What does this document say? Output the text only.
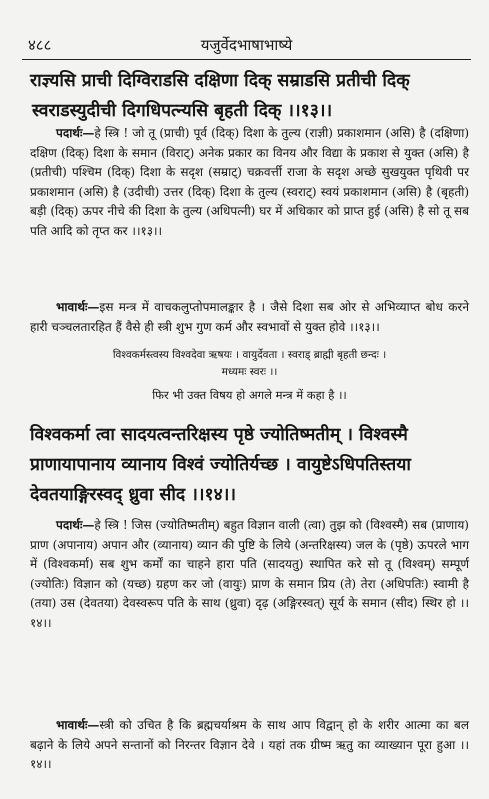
४८८	यजुर्वेदभाषाभाष्ये
राज्ञ्यसि प्राची दिग्विराडसि दक्षिणा दिक् सम्राडसि प्रतीची दिक्
स्वराडस्युदीची दिगधिपत्न्यसि बृहती दिक् ।।१३।।
पदार्थः—हे स्त्रि ! जो तू (प्राची) पूर्व (दिक्) दिशा के तुल्य (राज्ञी) प्रकाशमान (असि) है (दक्षिणा) दक्षिण (दिक्) दिशा के समान (विराट्) अनेक प्रकार का विनय और विद्या के प्रकाश से युक्त (असि) है (प्रतीची) पश्चिम (दिक्) दिशा के सदृश (सम्राट्) चक्रवर्त्ती राजा के सदृश अच्छे सुखयुक्त पृथिवी पर प्रकाशमान (असि) है (उदीची) उत्तर (दिक्) दिशा के तुल्य (स्वराट्) स्वयं प्रकाशमान (असि) है (बृहती) बड़ी (दिक्) ऊपर नीचे की दिशा के तुल्य (अधिपत्नी) घर में अधिकार को प्राप्त हुई (असि) है सो तू सब पति आदि को तृप्त कर ।।१३।।
भावार्थः—इस मन्त्र में वाचकलुप्तोपमालङ्कार है । जैसे दिशा सब ओर से अभिव्याप्त बोध करने हारी चञ्चलतारहित हैं वैसे ही स्त्री शुभ गुण कर्म और स्वभावों से युक्त होवे ।।१३।।
विश्वकर्मस्त्वस्य विश्वदेवा ऋषयः । वायुर्देवता । स्वराड् ब्राह्मी बृहती छन्दः ।
मध्यमः स्वरः ।।
फिर भी उक्त विषय हो अगले मन्त्र में कहा है ।।
विश्वकर्मा त्वा सादयत्वन्तरिक्षस्य पृष्ठे ज्योतिष्मतीम् । विश्वस्मै
प्राणायापानाय व्यानाय विश्वं ज्योतिर्यच्छ । वायुष्टेऽधिपतिस्तया
देवतयाङ्गिरस्वद् ध्रुवा सीद ।।१४।।
पदार्थः—हे स्त्रि ! जिस (ज्योतिष्मतीम्) बहुत विज्ञान वाली (त्वा) तुझ को (विश्वस्मै) सब (प्राणाय) प्राण (अपानाय) अपान और (व्यानाय) व्यान की पुष्टि के लिये (अन्तरिक्षस्य) जल के (पृष्ठे) ऊपरले भाग में (विश्वकर्मा) सब शुभ कर्मों का चाहने हारा पति (सादयतु) स्थापित करे सो तू (विश्वम्) सम्पूर्ण (ज्योतिः) विज्ञान को (यच्छ) ग्रहण कर जो (वायुः) प्राण के समान प्रिय (ते) तेरा (अधिपतिः) स्वामी है (तया) उस (देवतया) देवस्वरूप पति के साथ (ध्रुवा) दृढ़ (अङ्गिरस्वत्) सूर्य के समान (सीद) स्थिर हो ।।१४।।
भावार्थः—स्त्री को उचित है कि ब्रह्मचर्याश्रम के साथ आप विद्वान् हो के शरीर आत्मा का बल बढ़ाने के लिये अपने सन्तानों को निरन्तर विज्ञान देवे । यहां तक ग्रीष्म ऋतु का व्याख्यान पूरा हुआ ।।१४।।
